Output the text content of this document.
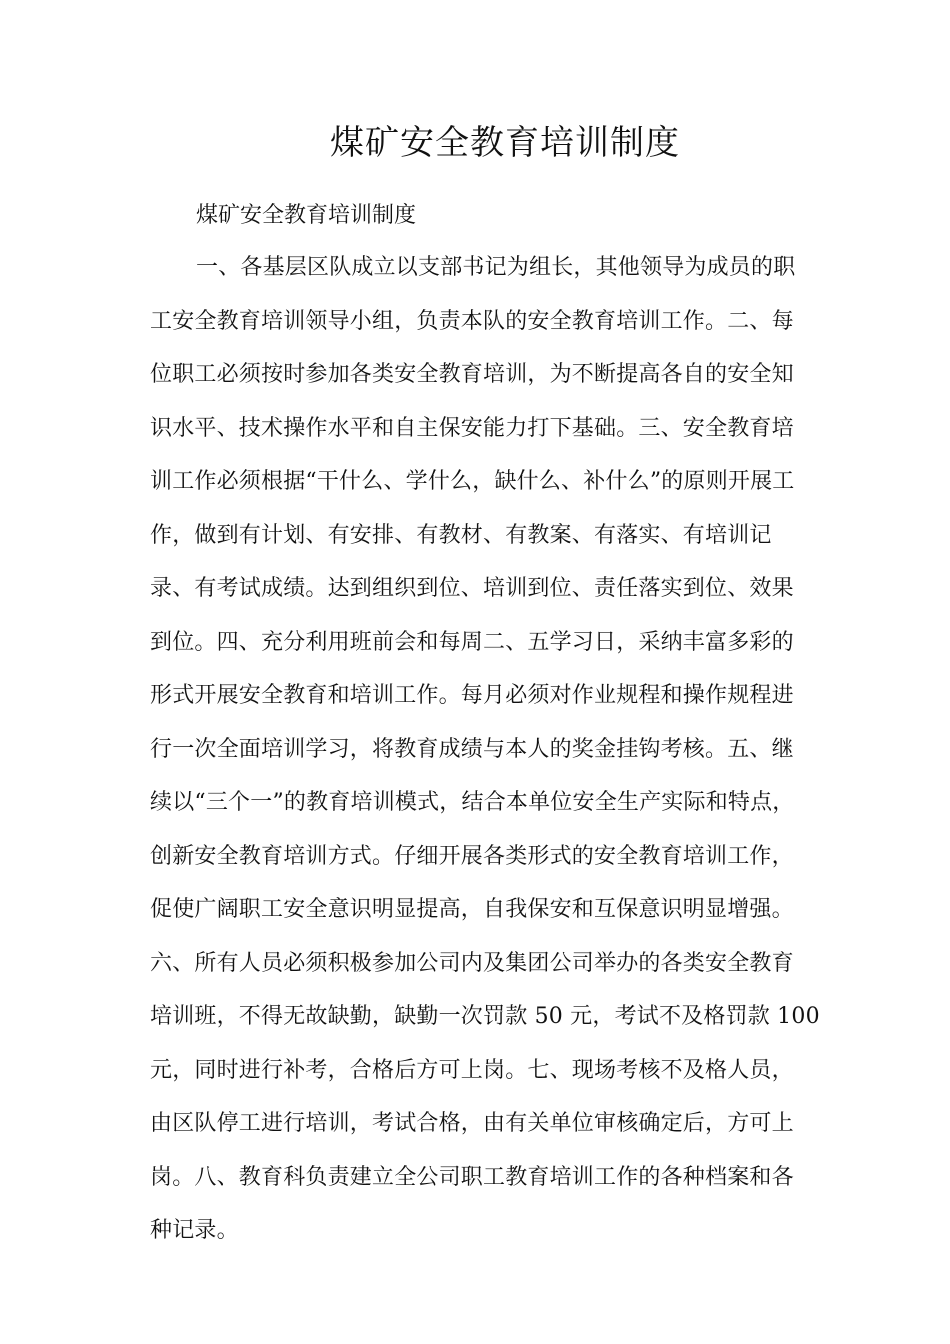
煤矿安全教育培训制度

煤矿安全教育培训制度

一、各基层区队成立以支部书记为组长，其他领导为成员的职
工安全教育培训领导小组，负责本队的安全教育培训工作。二、每
位职工必须按时参加各类安全教育培训，为不断提高各自的安全知
识水平、技术操作水平和自主保安能力打下基础。三、安全教育培
训工作必须根据“干什么、学什么，缺什么、补什么”的原则开展工
作，做到有计划、有安排、有教材、有教案、有落实、有培训记
录、有考试成绩。达到组织到位、培训到位、责任落实到位、效果
到位。四、充分利用班前会和每周二、五学习日，采纳丰富多彩的
形式开展安全教育和培训工作。每月必须对作业规程和操作规程进
行一次全面培训学习，将教育成绩与本人的奖金挂钩考核。五、继
续以“三个一”的教育培训模式，结合本单位安全生产实际和特点，
创新安全教育培训方式。仔细开展各类形式的安全教育培训工作，
促使广阔职工安全意识明显提高，自我保安和互保意识明显增强。
六、所有人员必须积极参加公司内及集团公司举办的各类安全教育
培训班，不得无故缺勤，缺勤一次罚款 50 元，考试不及格罚款 100
元，同时进行补考，合格后方可上岗。七、现场考核不及格人员，
由区队停工进行培训，考试合格，由有关单位审核确定后，方可上
岗。八、教育科负责建立全公司职工教育培训工作的各种档案和各
种记录。
